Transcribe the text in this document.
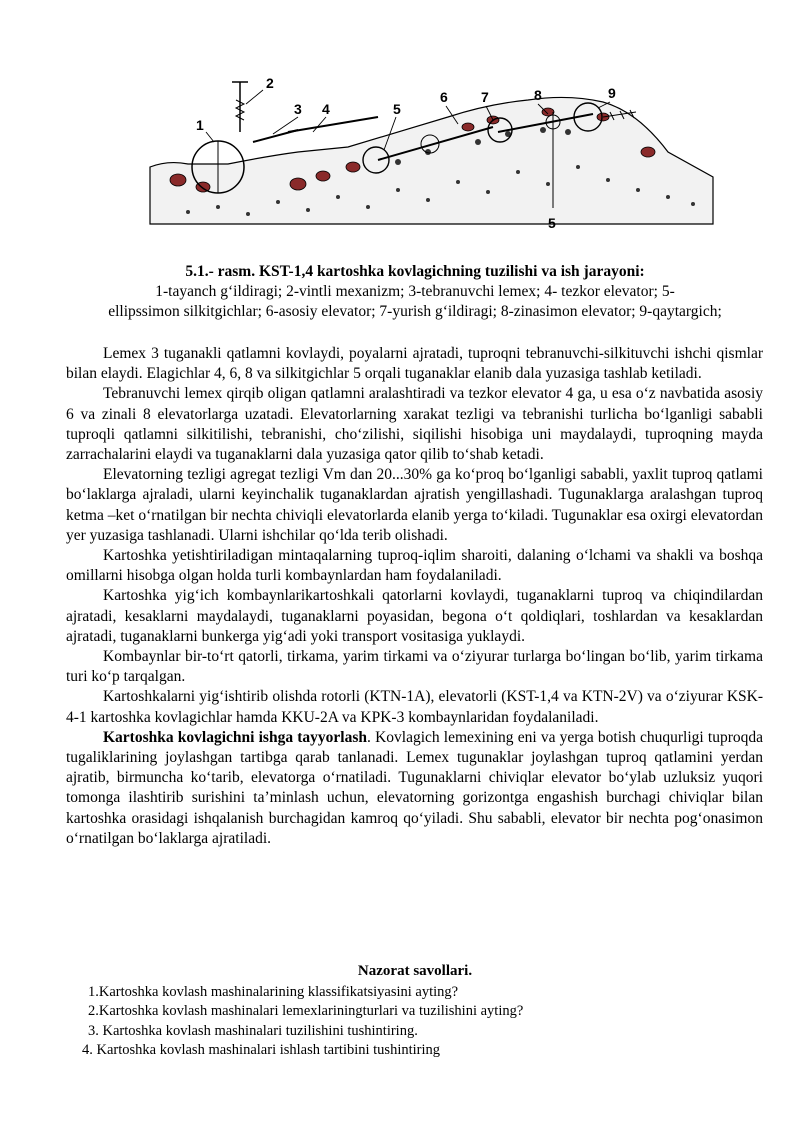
1
2
3 4	5
6 7	8	9
5
5.1.- rasm. KST-1,4 kartoshka kovlagichning tuzilishi va ish jarayoni:
1-tayanch gʻildiragi; 2-vintli mexanizm; 3-tebranuvchi lemex; 4- tezkor elevator; 5-
ellipssimon silkitgichlar; 6-asosiy elevator; 7-yurish gʻildiragi; 8-zinasimon elevator; 9-qaytargich;

Lemex 3 tuganakli qatlamni kovlaydi, poyalarni ajratadi, tuproqni tebranuvchi-silkituvchi ishchi qismlar bilan elaydi. Elagichlar 4, 6, 8 va silkitgichlar 5 orqali tuganaklar elanib dala yuzasiga tashlab ketiladi.

Tebranuvchi lemex qirqib oligan qatlamni aralashtiradi va tezkor elevator 4 ga, u esa oʻz navbatida asosiy 6 va zinali 8 elevatorlarga uzatadi. Elevatorlarning xarakat tezligi va tebranishi turlicha boʻlganligi sababli tuproqli qatlamni silkitilishi, tebranishi, choʻzilishi, siqilishi hisobiga uni maydalaydi, tuproqning mayda zarrachalarini elaydi va tuganaklarni dala yuzasiga qator qilib toʻshab ketadi.

Elevatorning tezligi agregat tezligi Vm dan 20...30% ga koʻproq boʻlganligi sababli, yaxlit tuproq qatlami boʻlaklarga ajraladi, ularni keyinchalik tuganaklardan ajratish yengillashadi. Tugunaklarga aralashgan tuproq ketma –ket oʻrnatilgan bir nechta chiviqli elevatorlarda elanib yerga toʻkiladi. Tugunaklar esa oxirgi elevatordan yer yuzasiga tashlanadi. Ularni ishchilar qoʻlda terib olishadi.

Kartoshka yetishtiriladigan mintaqalarning tuproq-iqlim sharoiti, dalaning oʻlchami va shakli va boshqa omillarni hisobga olgan holda turli kombaynlardan ham foydalaniladi.

Kartoshka yigʻich kombaynlarikartoshkali qatorlarni kovlaydi, tuganaklarni tuproq va chiqindilardan ajratadi, kesaklarni maydalaydi, tuganaklarni poyasidan, begona oʻt qoldiqlari, toshlardan va kesaklardan ajratadi, tuganaklarni bunkerga yigʻadi yoki transport vositasiga yuklaydi.

Kombaynlar bir-toʻrt qatorli, tirkama, yarim tirkami va oʻziyurar turlarga boʻlingan boʻlib, yarim tirkama turi koʻp tarqalgan.

Kartoshkalarni yigʻishtirib olishda rotorli (KTN-1A), elevatorli (KST-1,4 va KTN-2V) va oʻziyurar KSK-4-1 kartoshka kovlagichlar hamda KKU-2A va KPK-3 kombaynlaridan foydalaniladi.

Kartoshka kovlagichni ishga tayyorlash. Kovlagich lemexining eni va yerga botish chuqurligi tuproqda tugaliklarining joylashgan tartibga qarab tanlanadi. Lemex tugunaklar joylashgan tuproq qatlamini yerdan ajratib, birmuncha koʻtarib, elevatorga oʻrnatiladi. Tugunaklarni chiviqlar elevator boʻylab uzluksiz yuqori tomonga ilashtirib surishini taʼminlash uchun, elevatorning gorizontga engashish burchagi chiviqlar bilan kartoshka orasidagi ishqalanish burchagidan kamroq qoʻyiladi. Shu sababli, elevator bir nechta pogʻonasimon oʻrnatilgan boʻlaklarga ajratiladi.

Nazorat savollari.
1.Kartoshka kovlash mashinalarining klassifikatsiyasini ayting?
2.Kartoshka kovlash mashinalari lemexlariningturlari va tuzilishini ayting?
3. Kartoshka kovlash mashinalari tuzilishini tushintiring.
4. Kartoshka kovlash mashinalari ishlash tartibini tushintiring
